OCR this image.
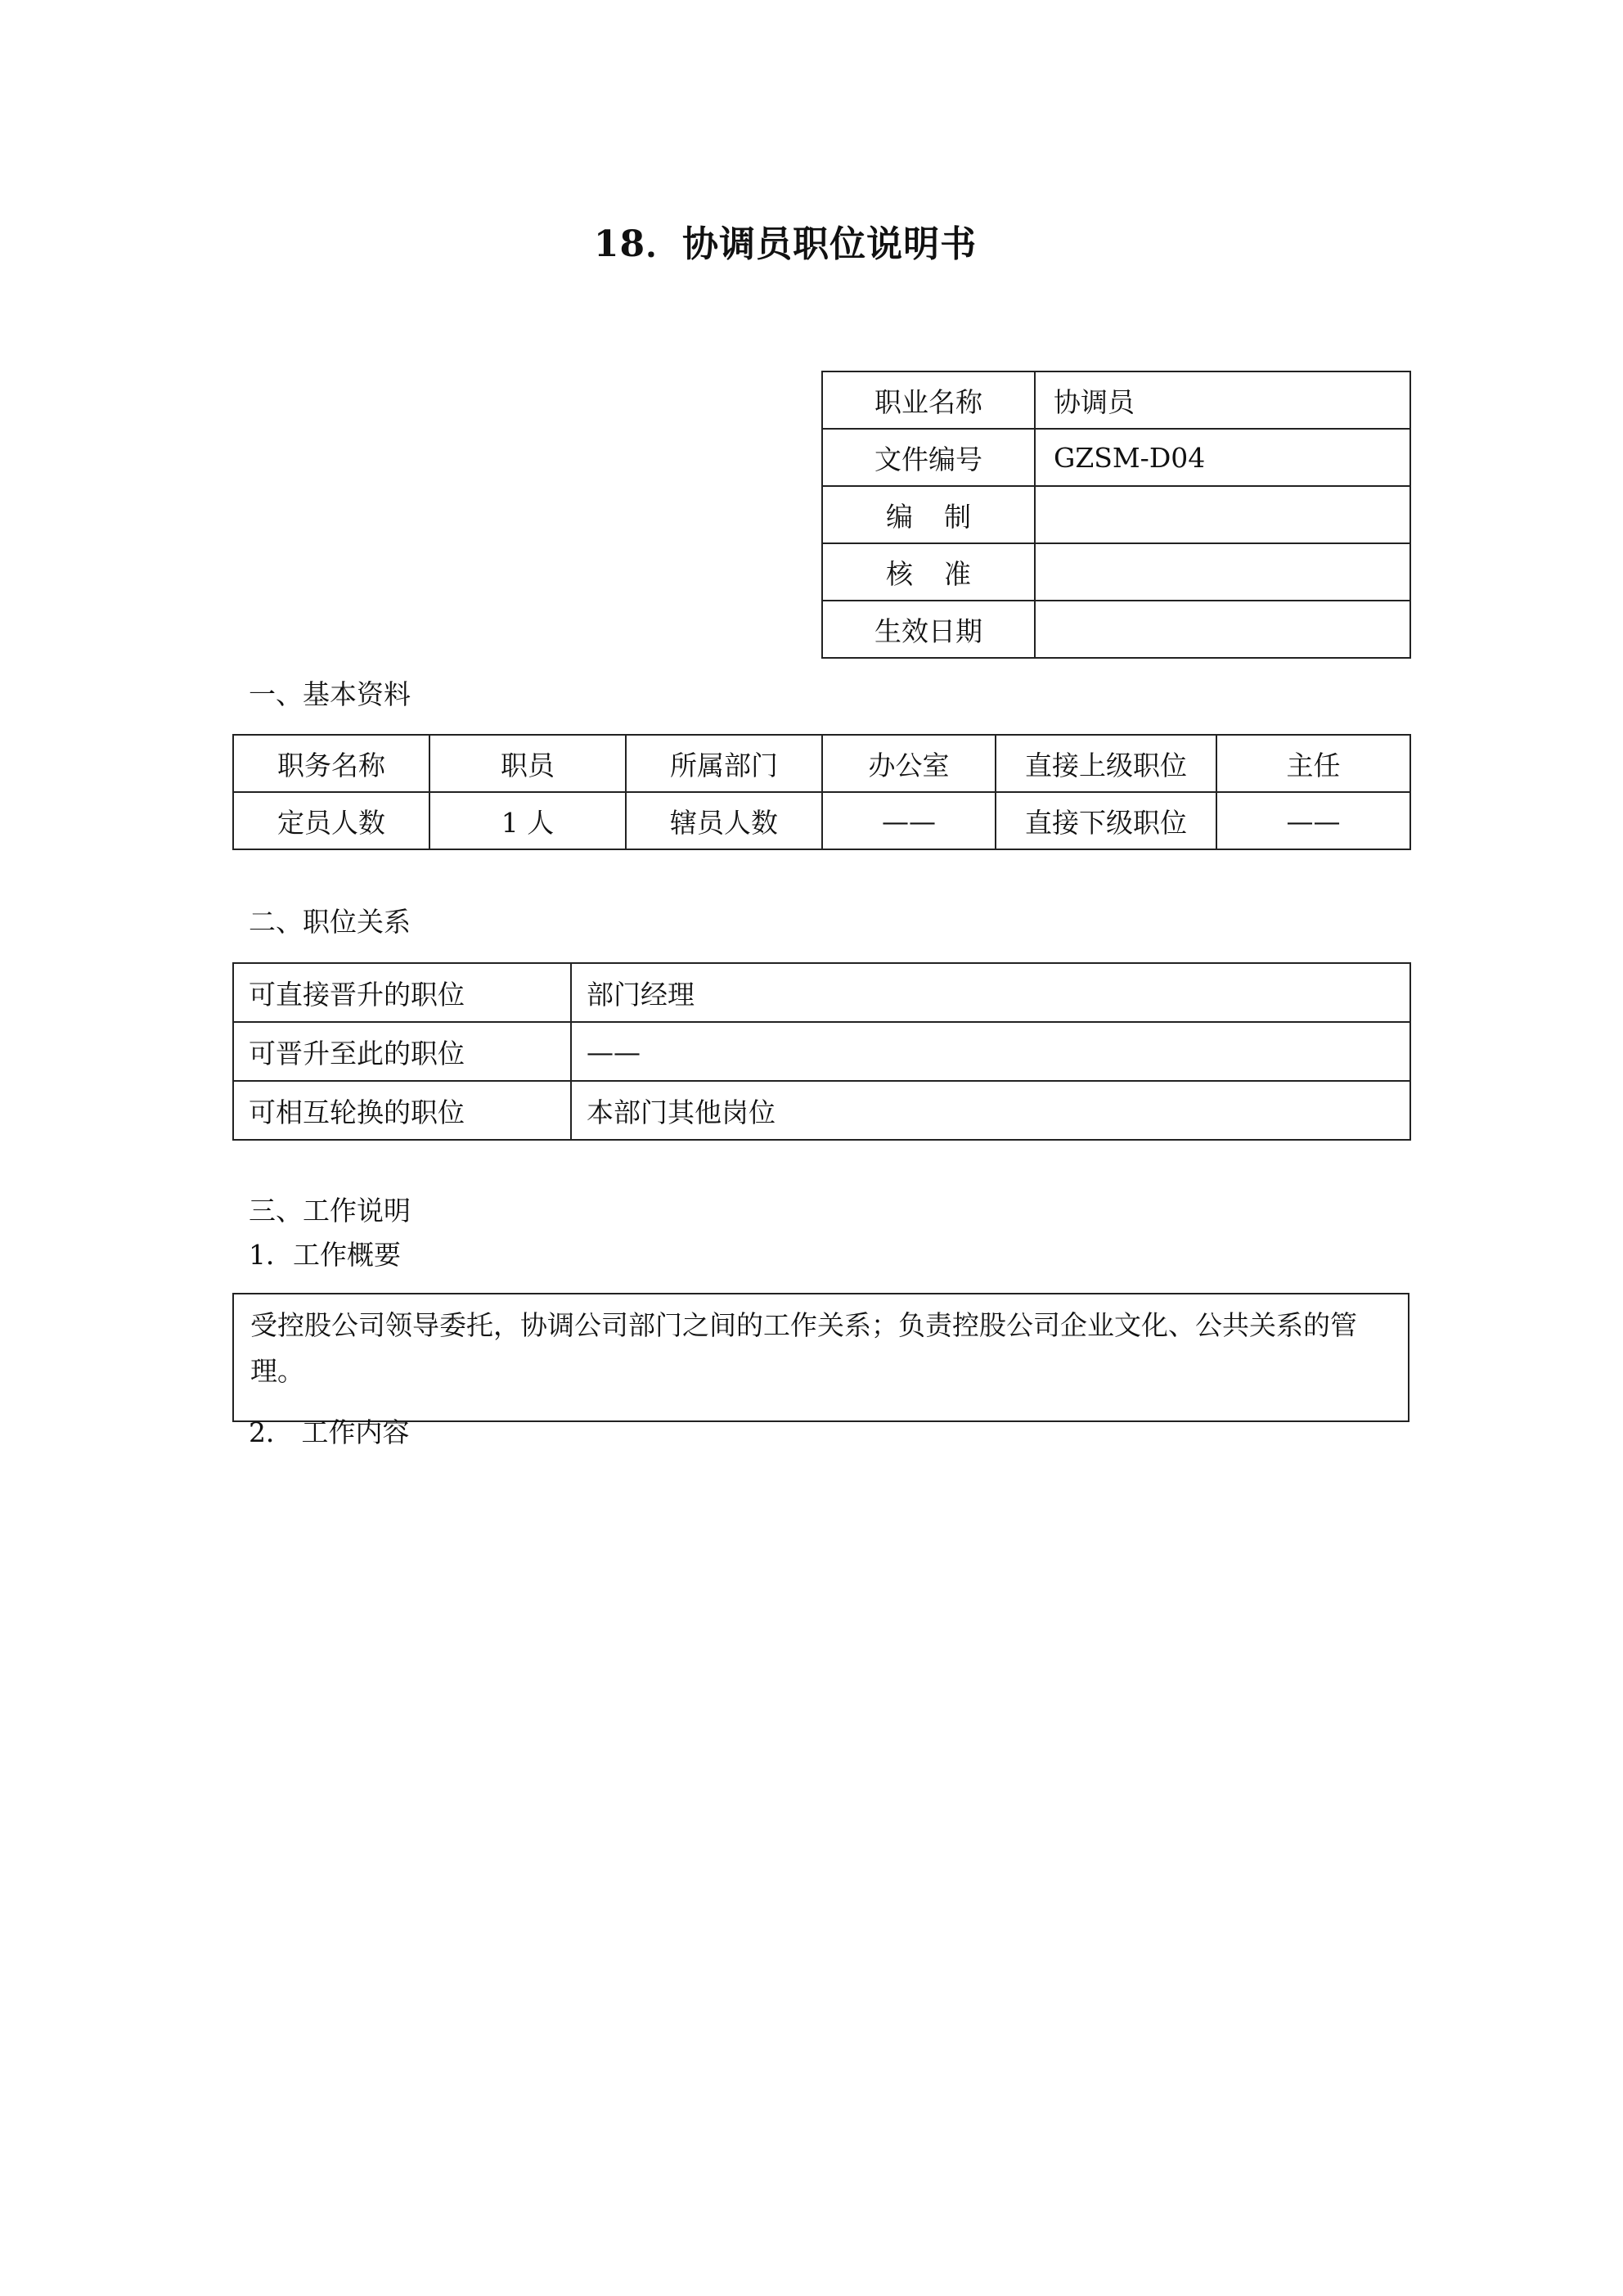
18．协调员职位说明书
职业名称	协调员
文件编号	GZSM-D04
编制	
核准	
生效日期	
一、基本资料
职务名称	职员	所属部门	办公室	直接上级职位	主任
定员人数	1 人	辖员人数	——	直接下级职位	——
二、职位关系
可直接晋升的职位	部门经理
可晋升至此的职位	——
可相互轮换的职位	本部门其他岗位
三、工作说明
1．工作概要
受控股公司领导委托，协调公司部门之间的工作关系；负责控股公司企业文化、公共关系的管理。
2． 工作内容
